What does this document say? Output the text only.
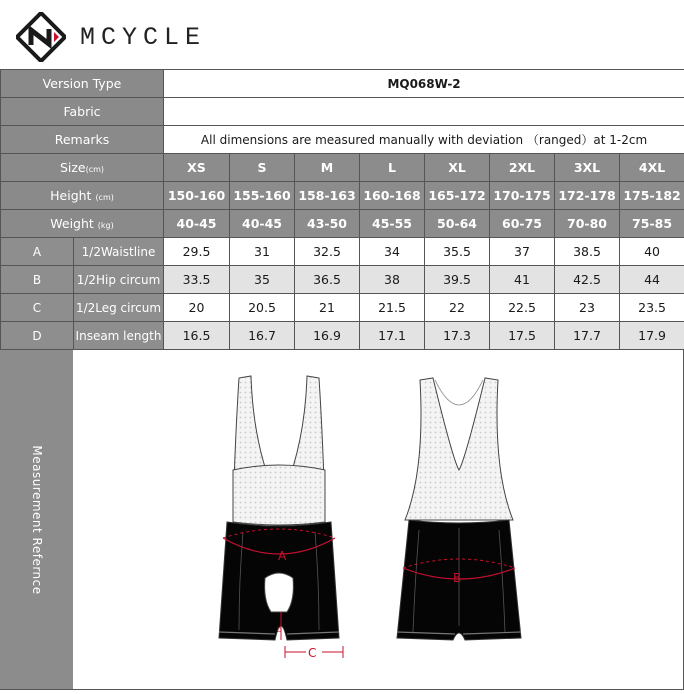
MCYCLE
Version Type		MQ068W-2							
Fabric									
Remarks		All dimensions are measured manually with deviation （ranged）at 1-2cm							
Size(cm)		XS	S	M	L	XL	2XL	3XL	4XL
Height (cm)		150-160	155-160	158-163	160-168	165-172	170-175	172-178	175-182
Weight (kg)		40-45	40-45	43-50	45-55	50-64	60-75	70-80	75-85
A	1/2Waistline	29.5	31	32.5	34	35.5	37	38.5	40
B	1/2Hip circum	33.5	35	36.5	38	39.5	41	42.5	44
C	1/2Leg circum	20	20.5	21	21.5	22	22.5	23	23.5
D	Inseam length	16.5	16.7	16.9	17.1	17.3	17.5	17.7	17.9
Measurement Refernce	A
D
C
B
